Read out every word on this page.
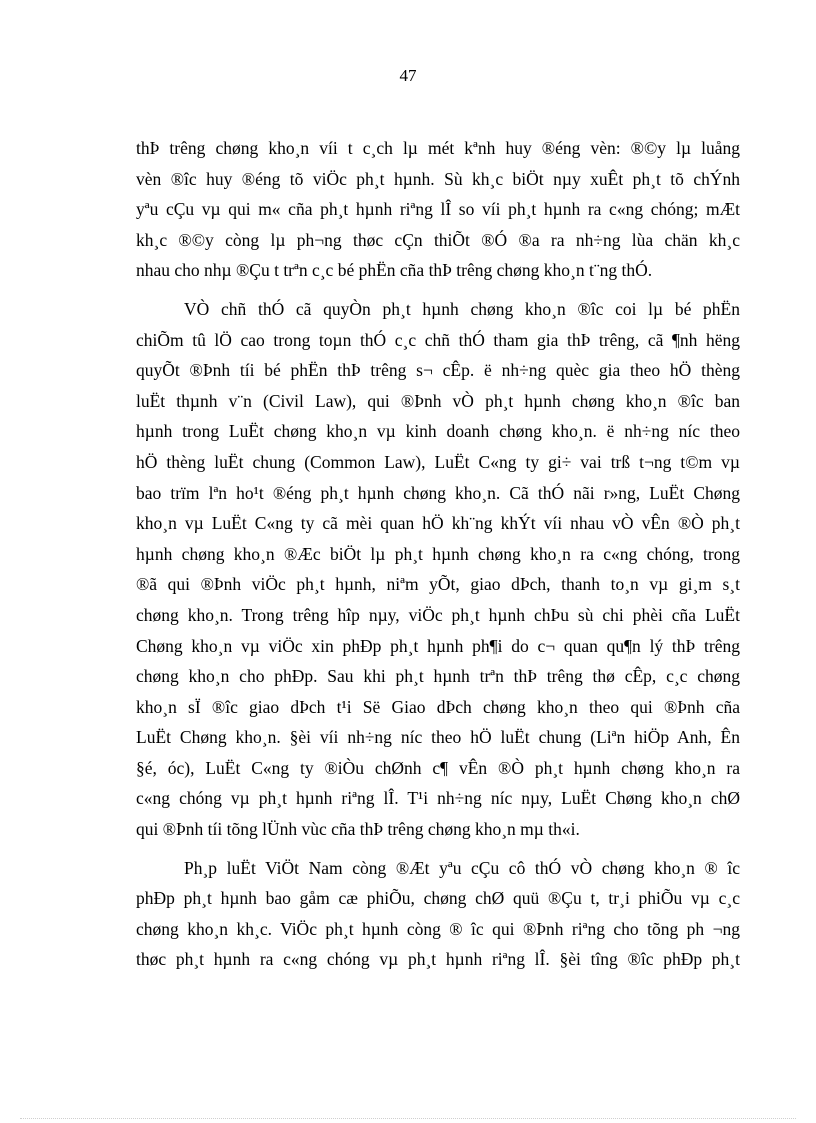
47
thÞ trêng chøng kho¸n víi t c¸ch lµ mét kªnh huy ®éng vèn: ®©y lµ luång
vèn ®îc huy ®éng tõ viÖc ph¸t hµnh. Sù kh¸c biÖt nµy xuÊt ph¸t tõ chÝnh
yªu cÇu vµ qui m« cña ph¸t hµnh riªng lÎ so víi ph¸t hµnh ra c«ng chóng; mÆt
kh¸c ®©y còng lµ ph¬ng thøc cÇn thiÕt ®Ó ®a ra nh÷ng lùa chän kh¸c
nhau cho nhµ ®Çu t trªn c¸c bé phËn cña thÞ trêng chøng kho¸n t¨ng thÓ.
VÒ chñ thÓ cã quyÒn ph¸t hµnh chøng kho¸n ®îc coi lµ bé phËn
chiÕm tû lÖ cao trong toµn thÓ c¸c chñ thÓ tham gia thÞ trêng, cã ¶nh hëng
quyÕt ®Þnh tíi bé phËn thÞ trêng s¬ cÊp. ë nh÷ng quèc gia theo hÖ thèng
luËt thµnh v¨n (Civil Law), qui ®Þnh vÒ ph¸t hµnh chøng kho¸n ®îc ban
hµnh trong LuËt chøng kho¸n vµ kinh doanh chøng kho¸n. ë nh÷ng níc theo
hÖ thèng luËt chung (Common Law), LuËt C«ng ty gi÷ vai trß t¬ng t©m vµ
bao trïm lªn ho¹t ®éng ph¸t hµnh chøng kho¸n. Cã thÓ nãi r»ng, LuËt Chøng
kho¸n vµ LuËt C«ng ty cã mèi quan hÖ kh¨ng khÝt víi nhau vÒ vÊn ®Ò ph¸t
hµnh chøng kho¸n ®Æc biÖt lµ ph¸t hµnh chøng kho¸n ra c«ng chóng, trong
®ã qui ®Þnh viÖc ph¸t hµnh, niªm yÕt, giao dÞch, thanh to¸n vµ gi¸m s¸t
chøng kho¸n. Trong trêng hîp nµy, viÖc ph¸t hµnh chÞu sù chi phèi cña LuËt
Chøng kho¸n vµ viÖc xin phÐp ph¸t hµnh ph¶i do c¬ quan qu¶n lý thÞ trêng
chøng kho¸n cho phÐp. Sau khi ph¸t hµnh trªn thÞ trêng thø cÊp, c¸c chøng
kho¸n sÏ ®îc giao dÞch t¹i Së Giao dÞch chøng kho¸n theo qui ®Þnh cña
LuËt Chøng kho¸n. §èi víi nh÷ng níc theo hÖ luËt chung (Liªn hiÖp Anh, Ên
§é, óc), LuËt C«ng ty ®iÒu chØnh c¶ vÊn ®Ò ph¸t hµnh chøng kho¸n ra
c«ng chóng vµ ph¸t hµnh riªng lÎ. T¹i nh÷ng níc nµy, LuËt Chøng kho¸n chØ
qui ®Þnh tíi tõng lÜnh vùc cña thÞ trêng chøng kho¸n mµ th«i.
Ph¸p luËt ViÖt Nam còng ®Æt yªu cÇu cô thÓ vÒ chøng kho¸n ® îc
phÐp ph¸t hµnh bao gåm cæ phiÕu, chøng chØ quü ®Çu t, tr¸i phiÕu vµ c¸c
chøng kho¸n kh¸c. ViÖc ph¸t hµnh còng ® îc qui ®Þnh riªng cho tõng ph ¬ng
thøc ph¸t hµnh ra c«ng chóng vµ ph¸t hµnh riªng lÎ. §èi tîng ®îc phÐp ph¸t
